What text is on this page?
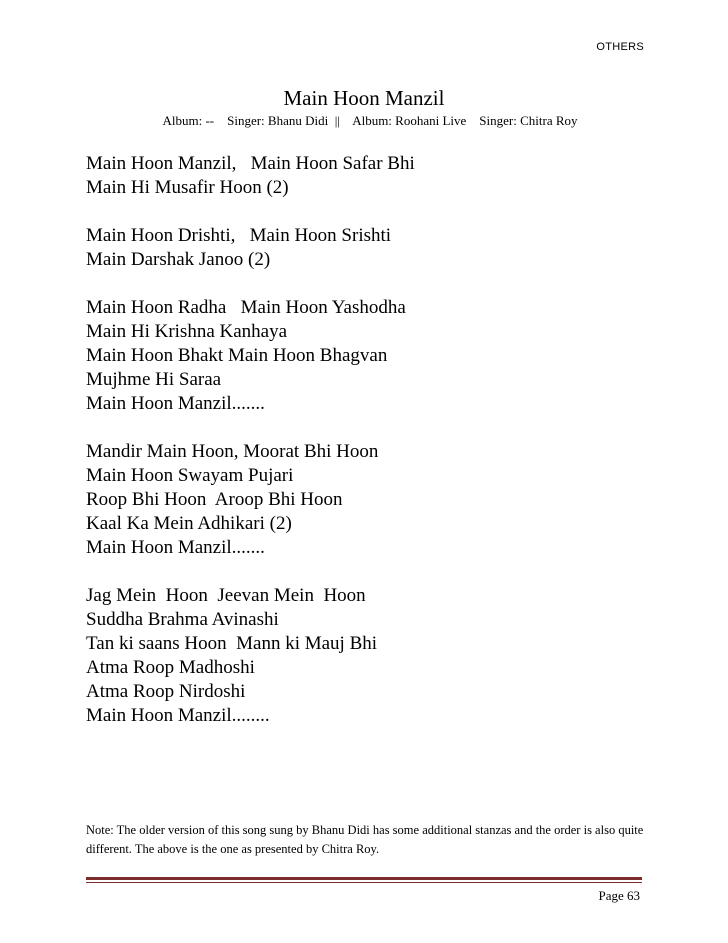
OTHERS
Main Hoon Manzil
Album: --    Singer: Bhanu Didi  ||    Album: Roohani Live    Singer: Chitra Roy
Main Hoon Manzil,   Main Hoon Safar Bhi
Main Hi Musafir Hoon (2)
Main Hoon Drishti,   Main Hoon Srishti
Main Darshak Janoo (2)
Main Hoon Radha   Main Hoon Yashodha
Main Hi Krishna Kanhaya
Main Hoon Bhakt Main Hoon Bhagvan
Mujhme Hi Saraa
Main Hoon Manzil.......
Mandir Main Hoon, Moorat Bhi Hoon
Main Hoon Swayam Pujari
Roop Bhi Hoon  Aroop Bhi Hoon
Kaal Ka Mein Adhikari (2)
Main Hoon Manzil.......
Jag Mein  Hoon  Jeevan Mein  Hoon
Suddha Brahma Avinashi
Tan ki saans Hoon  Mann ki Mauj Bhi
Atma Roop Madhoshi
Atma Roop Nirdoshi
Main Hoon Manzil........
Note: The older version of this song sung by Bhanu Didi has some additional stanzas and the order is also quite different. The above is the one as presented by Chitra Roy.
Page 63
